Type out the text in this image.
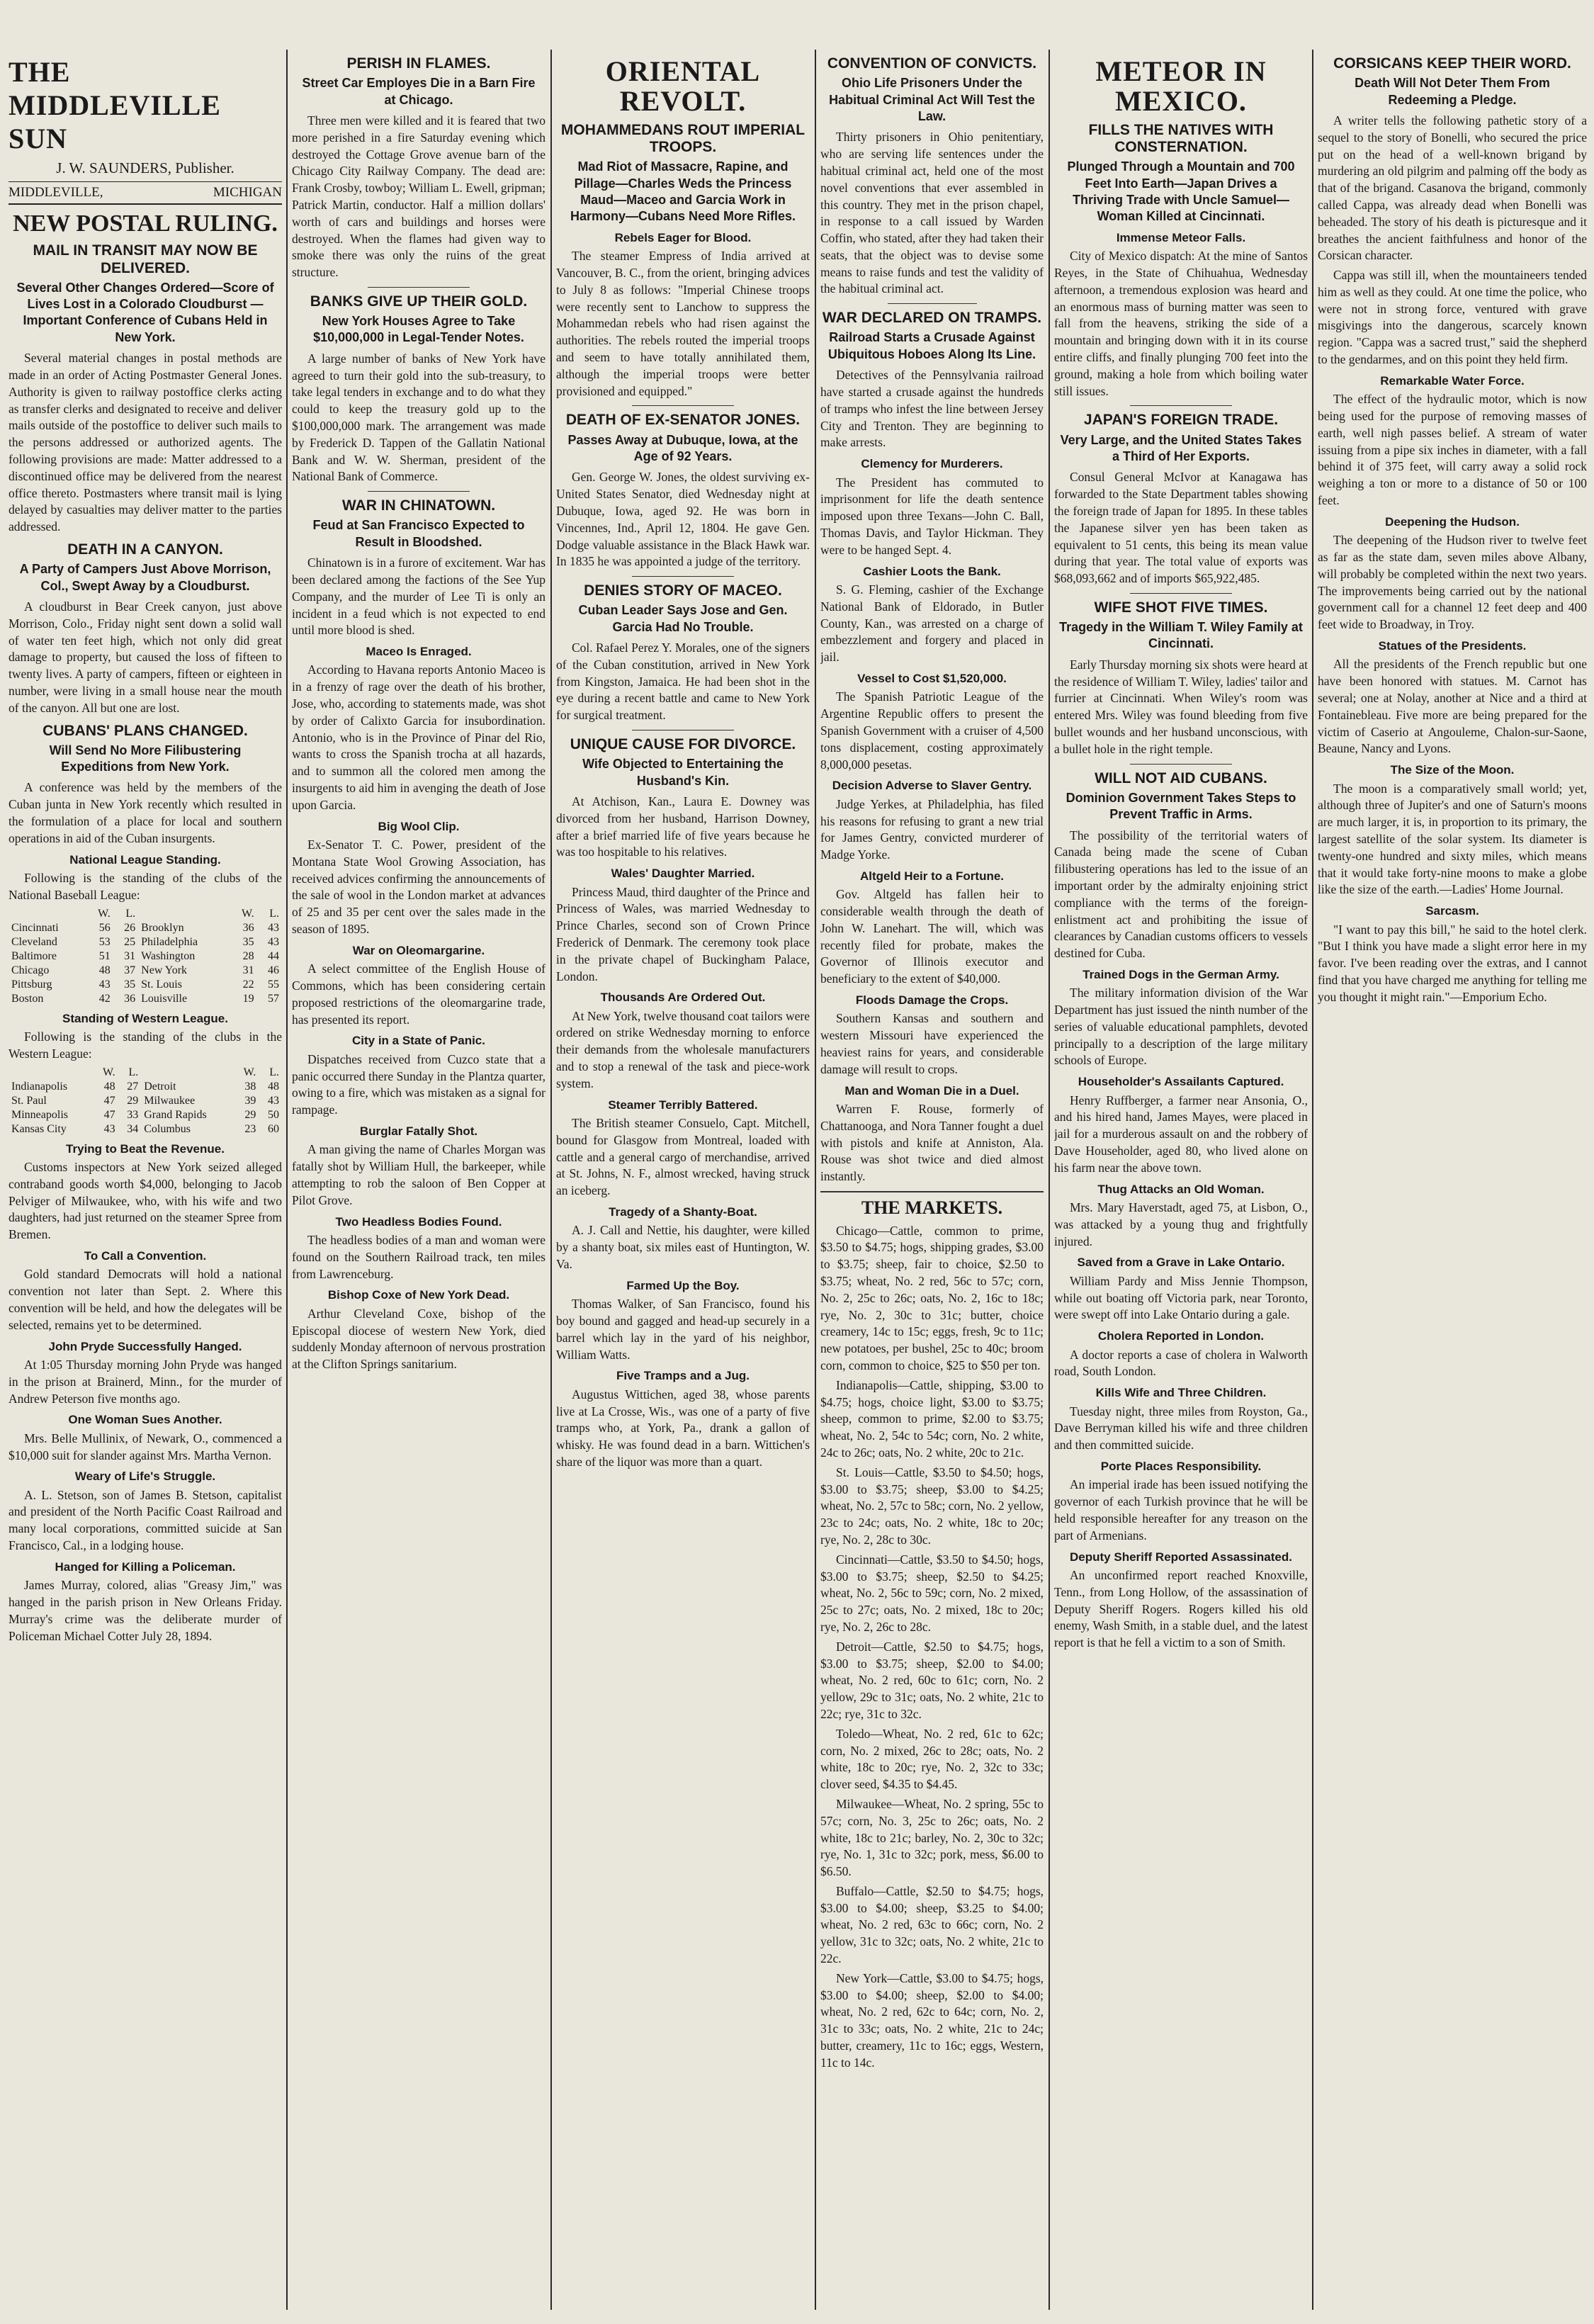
THE MIDDLEVILLE SUN
J. W. SAUNDERS, Publisher.
MIDDLEVILLE,	MICHIGAN
NEW POSTAL RULING.
MAIL IN TRANSIT MAY NOW BE DELIVERED.
Several Other Changes Ordered—Score of Lives Lost in a Colorado Cloudburst — Important Conference of Cubans Held in New York.

Several material changes in postal methods are made in an order of Acting Postmaster General Jones. Authority is given to railway postoffice clerks acting as transfer clerks and designated to receive and deliver mails outside of the postoffice to deliver such mails to the persons addressed or authorized agents. The following provisions are made: Matter addressed to a discontinued office may be delivered from the nearest office thereto. Postmasters where transit mail is lying delayed by casualties may deliver matter to the parties addressed.

DEATH IN A CANYON.
A Party of Campers Just Above Morrison, Col., Swept Away by a Cloudburst.

A cloudburst in Bear Creek canyon, just above Morrison, Colo., Friday night sent down a solid wall of water ten feet high, which not only did great damage to property, but caused the loss of fifteen to twenty lives. A party of campers, fifteen or eighteen in number, were living in a small house near the mouth of the canyon. All but one are lost.

CUBANS' PLANS CHANGED.
Will Send No More Filibustering Expeditions from New York.

A conference was held by the members of the Cuban junta in New York recently which resulted in the formulation of a place for local and southern operations in aid of the Cuban insurgents.

National League Standing.

Following is the standing of the clubs of the National Baseball League:

	W.	L.		W.	L.
Cincinnati	56	26	Brooklyn	36	43
Cleveland	53	25	Philadelphia	35	43
Baltimore	51	31	Washington	28	44
Chicago	48	37	New York	31	46
Pittsburg	43	35	St. Louis	22	55
Boston	42	36	Louisville	19	57
Standing of Western League.

Following is the standing of the clubs in the Western League:

	W.	L.		W.	L.
Indianapolis	48	27	Detroit	38	48
St. Paul	47	29	Milwaukee	39	43
Minneapolis	47	33	Grand Rapids	29	50
Kansas City	43	34	Columbus	23	60
Trying to Beat the Revenue.

Customs inspectors at New York seized alleged contraband goods worth $4,000, belonging to Jacob Pelviger of Milwaukee, who, with his wife and two daughters, had just returned on the steamer Spree from Bremen.

To Call a Convention.

Gold standard Democrats will hold a national convention not later than Sept. 2. Where this convention will be held, and how the delegates will be selected, remains yet to be determined.

John Pryde Successfully Hanged.

At 1:05 Thursday morning John Pryde was hanged in the prison at Brainerd, Minn., for the murder of Andrew Peterson five months ago.

One Woman Sues Another.

Mrs. Belle Mullinix, of Newark, O., commenced a $10,000 suit for slander against Mrs. Martha Vernon.

Weary of Life's Struggle.

A. L. Stetson, son of James B. Stetson, capitalist and president of the North Pacific Coast Railroad and many local corporations, committed suicide at San Francisco, Cal., in a lodging house.

Hanged for Killing a Policeman.

James Murray, colored, alias "Greasy Jim," was hanged in the parish prison in New Orleans Friday. Murray's crime was the deliberate murder of Policeman Michael Cotter July 28, 1894.

PERISH IN FLAMES.
Street Car Employes Die in a Barn Fire at Chicago.

Three men were killed and it is feared that two more perished in a fire Saturday evening which destroyed the Cottage Grove avenue barn of the Chicago City Railway Company. The dead are: Frank Crosby, towboy; William L. Ewell, gripman; Patrick Martin, conductor. Half a million dollars' worth of cars and buildings and horses were destroyed. When the flames had given way to smoke there was only the ruins of the great structure.

BANKS GIVE UP THEIR GOLD.
New York Houses Agree to Take $10,000,000 in Legal-Tender Notes.

A large number of banks of New York have agreed to turn their gold into the sub-treasury, to take legal tenders in exchange and to do what they could to keep the treasury gold up to the $100,000,000 mark. The arrangement was made by Frederick D. Tappen of the Gallatin National Bank and W. W. Sherman, president of the National Bank of Commerce.

WAR IN CHINATOWN.
Feud at San Francisco Expected to Result in Bloodshed.

Chinatown is in a furore of excitement. War has been declared among the factions of the See Yup Company, and the murder of Lee Ti is only an incident in a feud which is not expected to end until more blood is shed.

Maceo Is Enraged.

According to Havana reports Antonio Maceo is in a frenzy of rage over the death of his brother, Jose, who, according to statements made, was shot by order of Calixto Garcia for insubordination. Antonio, who is in the Province of Pinar del Rio, wants to cross the Spanish trocha at all hazards, and to summon all the colored men among the insurgents to aid him in avenging the death of Jose upon Garcia.

Big Wool Clip.

Ex-Senator T. C. Power, president of the Montana State Wool Growing Association, has received advices confirming the announcements of the sale of wool in the London market at advances of 25 and 35 per cent over the sales made in the season of 1895.

War on Oleomargarine.

A select committee of the English House of Commons, which has been considering certain proposed restrictions of the oleomargarine trade, has presented its report.

City in a State of Panic.

Dispatches received from Cuzco state that a panic occurred there Sunday in the Plantza quarter, owing to a fire, which was mistaken as a signal for rampage.

Burglar Fatally Shot.

A man giving the name of Charles Morgan was fatally shot by William Hull, the barkeeper, while attempting to rob the saloon of Ben Copper at Pilot Grove.

Two Headless Bodies Found.

The headless bodies of a man and woman were found on the Southern Railroad track, ten miles from Lawrenceburg.

Bishop Coxe of New York Dead.

Arthur Cleveland Coxe, bishop of the Episcopal diocese of western New York, died suddenly Monday afternoon of nervous prostration at the Clifton Springs sanitarium.

ORIENTAL REVOLT.
MOHAMMEDANS ROUT IMPERIAL TROOPS.
Mad Riot of Massacre, Rapine, and Pillage—Charles Weds the Princess Maud—Maceo and Garcia Work in Harmony—Cubans Need More Rifles.
Rebels Eager for Blood.

The steamer Empress of India arrived at Vancouver, B. C., from the orient, bringing advices to July 8 as follows: "Imperial Chinese troops were recently sent to Lanchow to suppress the Mohammedan rebels who had risen against the authorities. The rebels routed the imperial troops and seem to have totally annihilated them, although the imperial troops were better provisioned and equipped."

DEATH OF EX-SENATOR JONES.
Passes Away at Dubuque, Iowa, at the Age of 92 Years.

Gen. George W. Jones, the oldest surviving ex-United States Senator, died Wednesday night at Dubuque, Iowa, aged 92. He was born in Vincennes, Ind., April 12, 1804. He gave Gen. Dodge valuable assistance in the Black Hawk war. In 1835 he was appointed a judge of the territory.

DENIES STORY OF MACEO.
Cuban Leader Says Jose and Gen. Garcia Had No Trouble.

Col. Rafael Perez Y. Morales, one of the signers of the Cuban constitution, arrived in New York from Kingston, Jamaica. He had been shot in the eye during a recent battle and came to New York for surgical treatment.

UNIQUE CAUSE FOR DIVORCE.
Wife Objected to Entertaining the Husband's Kin.

At Atchison, Kan., Laura E. Downey was divorced from her husband, Harrison Downey, after a brief married life of five years because he was too hospitable to his relatives.

Wales' Daughter Married.

Princess Maud, third daughter of the Prince and Princess of Wales, was married Wednesday to Prince Charles, second son of Crown Prince Frederick of Denmark. The ceremony took place in the private chapel of Buckingham Palace, London.

Thousands Are Ordered Out.

At New York, twelve thousand coat tailors were ordered on strike Wednesday morning to enforce their demands from the wholesale manufacturers and to stop a renewal of the task and piece-work system.

Steamer Terribly Battered.

The British steamer Consuelo, Capt. Mitchell, bound for Glasgow from Montreal, loaded with cattle and a general cargo of merchandise, arrived at St. Johns, N. F., almost wrecked, having struck an iceberg.

Tragedy of a Shanty-Boat.

A. J. Call and Nettie, his daughter, were killed by a shanty boat, six miles east of Huntington, W. Va.

Farmed Up the Boy.

Thomas Walker, of San Francisco, found his boy bound and gagged and head-up securely in a barrel which lay in the yard of his neighbor, William Watts.

Five Tramps and a Jug.

Augustus Wittichen, aged 38, whose parents live at La Crosse, Wis., was one of a party of five tramps who, at York, Pa., drank a gallon of whisky. He was found dead in a barn. Wittichen's share of the liquor was more than a quart.

CONVENTION OF CONVICTS.
Ohio Life Prisoners Under the Habitual Criminal Act Will Test the Law.

Thirty prisoners in Ohio penitentiary, who are serving life sentences under the habitual criminal act, held one of the most novel conventions that ever assembled in this country. They met in the prison chapel, in response to a call issued by Warden Coffin, who stated, after they had taken their seats, that the object was to devise some means to raise funds and test the validity of the habitual criminal act.

WAR DECLARED ON TRAMPS.
Railroad Starts a Crusade Against Ubiquitous Hoboes Along Its Line.

Detectives of the Pennsylvania railroad have started a crusade against the hundreds of tramps who infest the line between Jersey City and Trenton. They are beginning to make arrests.

Clemency for Murderers.

The President has commuted to imprisonment for life the death sentence imposed upon three Texans—John C. Ball, Thomas Davis, and Taylor Hickman. They were to be hanged Sept. 4.

Cashier Loots the Bank.

S. G. Fleming, cashier of the Exchange National Bank of Eldorado, in Butler County, Kan., was arrested on a charge of embezzlement and forgery and placed in jail.

Vessel to Cost $1,520,000.

The Spanish Patriotic League of the Argentine Republic offers to present the Spanish Government with a cruiser of 4,500 tons displacement, costing approximately 8,000,000 pesetas.

Decision Adverse to Slaver Gentry.

Judge Yerkes, at Philadelphia, has filed his reasons for refusing to grant a new trial for James Gentry, convicted murderer of Madge Yorke.

Altgeld Heir to a Fortune.

Gov. Altgeld has fallen heir to considerable wealth through the death of John W. Lanehart. The will, which was recently filed for probate, makes the Governor of Illinois executor and beneficiary to the extent of $40,000.

Floods Damage the Crops.

Southern Kansas and southern and western Missouri have experienced the heaviest rains for years, and considerable damage will result to crops.

Man and Woman Die in a Duel.

Warren F. Rouse, formerly of Chattanooga, and Nora Tanner fought a duel with pistols and knife at Anniston, Ala. Rouse was shot twice and died almost instantly.

THE MARKETS.

Chicago—Cattle, common to prime, $3.50 to $4.75; hogs, shipping grades, $3.00 to $3.75; sheep, fair to choice, $2.50 to $3.75; wheat, No. 2 red, 56c to 57c; corn, No. 2, 25c to 26c; oats, No. 2, 16c to 18c; rye, No. 2, 30c to 31c; butter, choice creamery, 14c to 15c; eggs, fresh, 9c to 11c; new potatoes, per bushel, 25c to 40c; broom corn, common to choice, $25 to $50 per ton.

Indianapolis—Cattle, shipping, $3.00 to $4.75; hogs, choice light, $3.00 to $3.75; sheep, common to prime, $2.00 to $3.75; wheat, No. 2, 54c to 54c; corn, No. 2 white, 24c to 26c; oats, No. 2 white, 20c to 21c.

St. Louis—Cattle, $3.50 to $4.50; hogs, $3.00 to $3.75; sheep, $3.00 to $4.25; wheat, No. 2, 57c to 58c; corn, No. 2 yellow, 23c to 24c; oats, No. 2 white, 18c to 20c; rye, No. 2, 28c to 30c.

Cincinnati—Cattle, $3.50 to $4.50; hogs, $3.00 to $3.75; sheep, $2.50 to $4.25; wheat, No. 2, 56c to 59c; corn, No. 2 mixed, 25c to 27c; oats, No. 2 mixed, 18c to 20c; rye, No. 2, 26c to 28c.

Detroit—Cattle, $2.50 to $4.75; hogs, $3.00 to $3.75; sheep, $2.00 to $4.00; wheat, No. 2 red, 60c to 61c; corn, No. 2 yellow, 29c to 31c; oats, No. 2 white, 21c to 22c; rye, 31c to 32c.

Toledo—Wheat, No. 2 red, 61c to 62c; corn, No. 2 mixed, 26c to 28c; oats, No. 2 white, 18c to 20c; rye, No. 2, 32c to 33c; clover seed, $4.35 to $4.45.

Milwaukee—Wheat, No. 2 spring, 55c to 57c; corn, No. 3, 25c to 26c; oats, No. 2 white, 18c to 21c; barley, No. 2, 30c to 32c; rye, No. 1, 31c to 32c; pork, mess, $6.00 to $6.50.

Buffalo—Cattle, $2.50 to $4.75; hogs, $3.00 to $4.00; sheep, $3.25 to $4.00; wheat, No. 2 red, 63c to 66c; corn, No. 2 yellow, 31c to 32c; oats, No. 2 white, 21c to 22c.

New York—Cattle, $3.00 to $4.75; hogs, $3.00 to $4.00; sheep, $2.00 to $4.00; wheat, No. 2 red, 62c to 64c; corn, No. 2, 31c to 33c; oats, No. 2 white, 21c to 24c; butter, creamery, 11c to 16c; eggs, Western, 11c to 14c.

METEOR IN MEXICO.
FILLS THE NATIVES WITH CONSTERNATION.
Plunged Through a Mountain and 700 Feet Into Earth—Japan Drives a Thriving Trade with Uncle Samuel—Woman Killed at Cincinnati.
Immense Meteor Falls.

City of Mexico dispatch: At the mine of Santos Reyes, in the State of Chihuahua, Wednesday afternoon, a tremendous explosion was heard and an enormous mass of burning matter was seen to fall from the heavens, striking the side of a mountain and bringing down with it in its course entire cliffs, and finally plunging 700 feet into the ground, making a hole from which boiling water still issues.

JAPAN'S FOREIGN TRADE.
Very Large, and the United States Takes a Third of Her Exports.

Consul General McIvor at Kanagawa has forwarded to the State Department tables showing the foreign trade of Japan for 1895. In these tables the Japanese silver yen has been taken as equivalent to 51 cents, this being its mean value during that year. The total value of exports was $68,093,662 and of imports $65,922,485.

WIFE SHOT FIVE TIMES.
Tragedy in the William T. Wiley Family at Cincinnati.

Early Thursday morning six shots were heard at the residence of William T. Wiley, ladies' tailor and furrier at Cincinnati. When Wiley's room was entered Mrs. Wiley was found bleeding from five bullet wounds and her husband unconscious, with a bullet hole in the right temple.

WILL NOT AID CUBANS.
Dominion Government Takes Steps to Prevent Traffic in Arms.

The possibility of the territorial waters of Canada being made the scene of Cuban filibustering operations has led to the issue of an important order by the admiralty enjoining strict compliance with the terms of the foreign-enlistment act and prohibiting the issue of clearances by Canadian customs officers to vessels destined for Cuba.

Trained Dogs in the German Army.

The military information division of the War Department has just issued the ninth number of the series of valuable educational pamphlets, devoted principally to a description of the large military schools of Europe.

Householder's Assailants Captured.

Henry Ruffberger, a farmer near Ansonia, O., and his hired hand, James Mayes, were placed in jail for a murderous assault on and the robbery of Dave Householder, aged 80, who lived alone on his farm near the above town.

Thug Attacks an Old Woman.

Mrs. Mary Haverstadt, aged 75, at Lisbon, O., was attacked by a young thug and frightfully injured.

Saved from a Grave in Lake Ontario.

William Pardy and Miss Jennie Thompson, while out boating off Victoria park, near Toronto, were swept off into Lake Ontario during a gale.

Cholera Reported in London.

A doctor reports a case of cholera in Walworth road, South London.

Kills Wife and Three Children.

Tuesday night, three miles from Royston, Ga., Dave Berryman killed his wife and three children and then committed suicide.

Porte Places Responsibility.

An imperial irade has been issued notifying the governor of each Turkish province that he will be held responsible hereafter for any treason on the part of Armenians.

Deputy Sheriff Reported Assassinated.

An unconfirmed report reached Knoxville, Tenn., from Long Hollow, of the assassination of Deputy Sheriff Rogers. Rogers killed his old enemy, Wash Smith, in a stable duel, and the latest report is that he fell a victim to a son of Smith.

CORSICANS KEEP THEIR WORD.
Death Will Not Deter Them From Redeeming a Pledge.

A writer tells the following pathetic story of a sequel to the story of Bonelli, who secured the price put on the head of a well-known brigand by murdering an old pilgrim and palming off the body as that of the brigand. Casanova the brigand, commonly called Cappa, was already dead when Bonelli was beheaded. The story of his death is picturesque and it breathes the ancient faithfulness and honor of the Corsican character.

Cappa was still ill, when the mountaineers tended him as well as they could. At one time the police, who were not in strong force, ventured with grave misgivings into the dangerous, scarcely known region. "Cappa was a sacred trust," said the shepherd to the gendarmes, and on this point they held firm.

Remarkable Water Force.

The effect of the hydraulic motor, which is now being used for the purpose of removing masses of earth, well nigh passes belief. A stream of water issuing from a pipe six inches in diameter, with a fall behind it of 375 feet, will carry away a solid rock weighing a ton or more to a distance of 50 or 100 feet.

Deepening the Hudson.

The deepening of the Hudson river to twelve feet as far as the state dam, seven miles above Albany, will probably be completed within the next two years. The improvements being carried out by the national government call for a channel 12 feet deep and 400 feet wide to Broadway, in Troy.

Statues of the Presidents.

All the presidents of the French republic but one have been honored with statues. M. Carnot has several; one at Nolay, another at Nice and a third at Fontainebleau. Five more are being prepared for the victim of Caserio at Angouleme, Chalon-sur-Saone, Beaune, Nancy and Lyons.

The Size of the Moon.

The moon is a comparatively small world; yet, although three of Jupiter's and one of Saturn's moons are much larger, it is, in proportion to its primary, the largest satellite of the solar system. Its diameter is twenty-one hundred and sixty miles, which means that it would take forty-nine moons to make a globe like the size of the earth.—Ladies' Home Journal.

Sarcasm.

"I want to pay this bill," he said to the hotel clerk. "But I think you have made a slight error here in my favor. I've been reading over the extras, and I cannot find that you have charged me anything for telling me you thought it might rain."—Emporium Echo.
